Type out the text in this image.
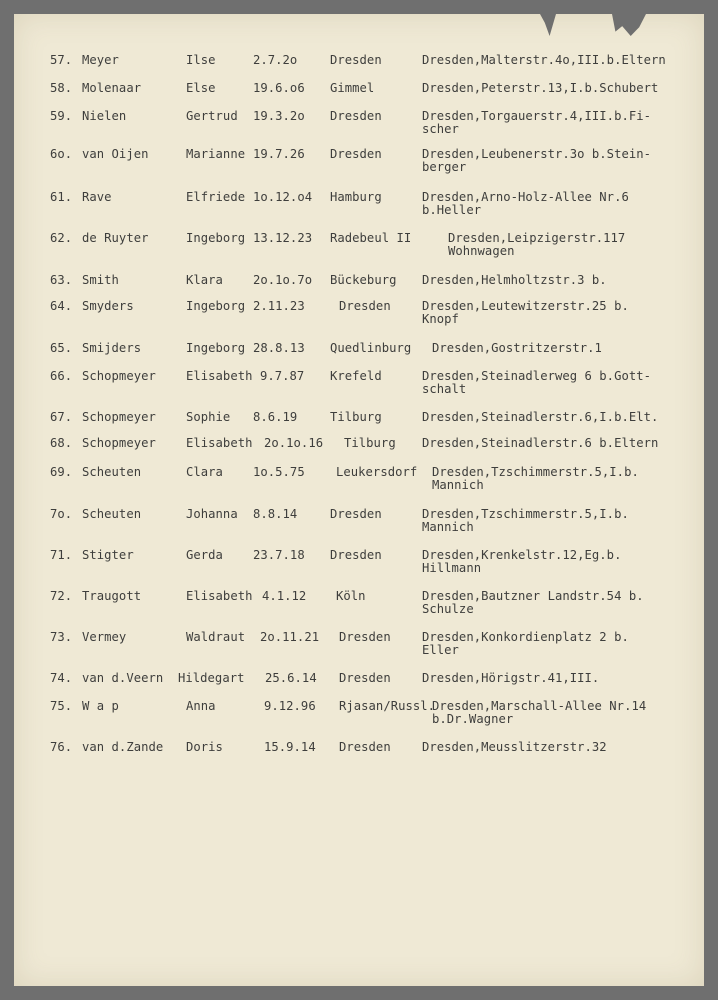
57. Meyer	Ilse	2.7.2o	Dresden	Dresden,Malterstr.4o,III.b.Eltern

58. Molenaar	Else	19.6.o6 Gimmel	Dresden,Peterstr.13,I.b.Schubert

59. Nielen	Gertrud 19.3.2o Dresden	Dresden,Torgauerstr.4,III.b.Fi-
scher
6o. van Oijen	Marianne 19.7.26 Dresden	Dresden,Leubenerstr.3o b.Stein-
berger
61. Rave	Elfriede 1o.12.o4 Hamburg	Dresden,Arno-Holz-Allee Nr.6
b.Heller
62. de Ruyter	Ingeborg 13.12.23 Radebeul II	Dresden,Leipzigerstr.117
Wohnwagen
63. Smith	Klara 2o.1o.7o Bückeburg Dresden,Helmholtzstr.3 b.

64. Smyders	Ingeborg 2.11.23	Dresden	Dresden,Leutewitzerstr.25 b.
Knopf
65. Smijders	Ingeborg 28.8.13 Quedlinburg Dresden,Gostritzerstr.1

66. Schopmeyer Elisabeth 9.7.87 Krefeld	Dresden,Steinadlerweg 6 b.Gott-
schalt
67. Schopmeyer Sophie 8.6.19	Tilburg	Dresden,Steinadlerstr.6,I.b.Elt.

68. Schopmeyer Elisabeth 2o.1o.16 Tilburg Dresden,Steinadlerstr.6 b.Eltern

69. Scheuten	Clara 1o.5.75	Leukersdorf Dresden,Tzschimmerstr.5,I.b.
Mannich
7o. Scheuten	Johanna 8.8.14	Dresden	Dresden,Tzschimmerstr.5,I.b.
Mannich
71. Stigter	Gerda 23.7.18 Dresden	Dresden,Krenkelstr.12,Eg.b.
Hillmann
72. Traugott	Elisabeth 4.1.12 Köln	Dresden,Bautzner Landstr.54 b.
Schulze
73. Vermey	Waldraut 2o.11.21 Dresden	Dresden,Konkordienplatz 2 b.
Eller
74. van d.Veern Hildegart 25.6.14 Dresden	Dresden,Hörigstr.41,III.

75. W a p	Anna	9.12.96 Rjasan/Russl.
Dresden,Marschall-Allee Nr.14
b.Dr.Wagner
76. van d.Zande Doris	15.9.14 Dresden	Dresden,Meusslitzerstr.32
